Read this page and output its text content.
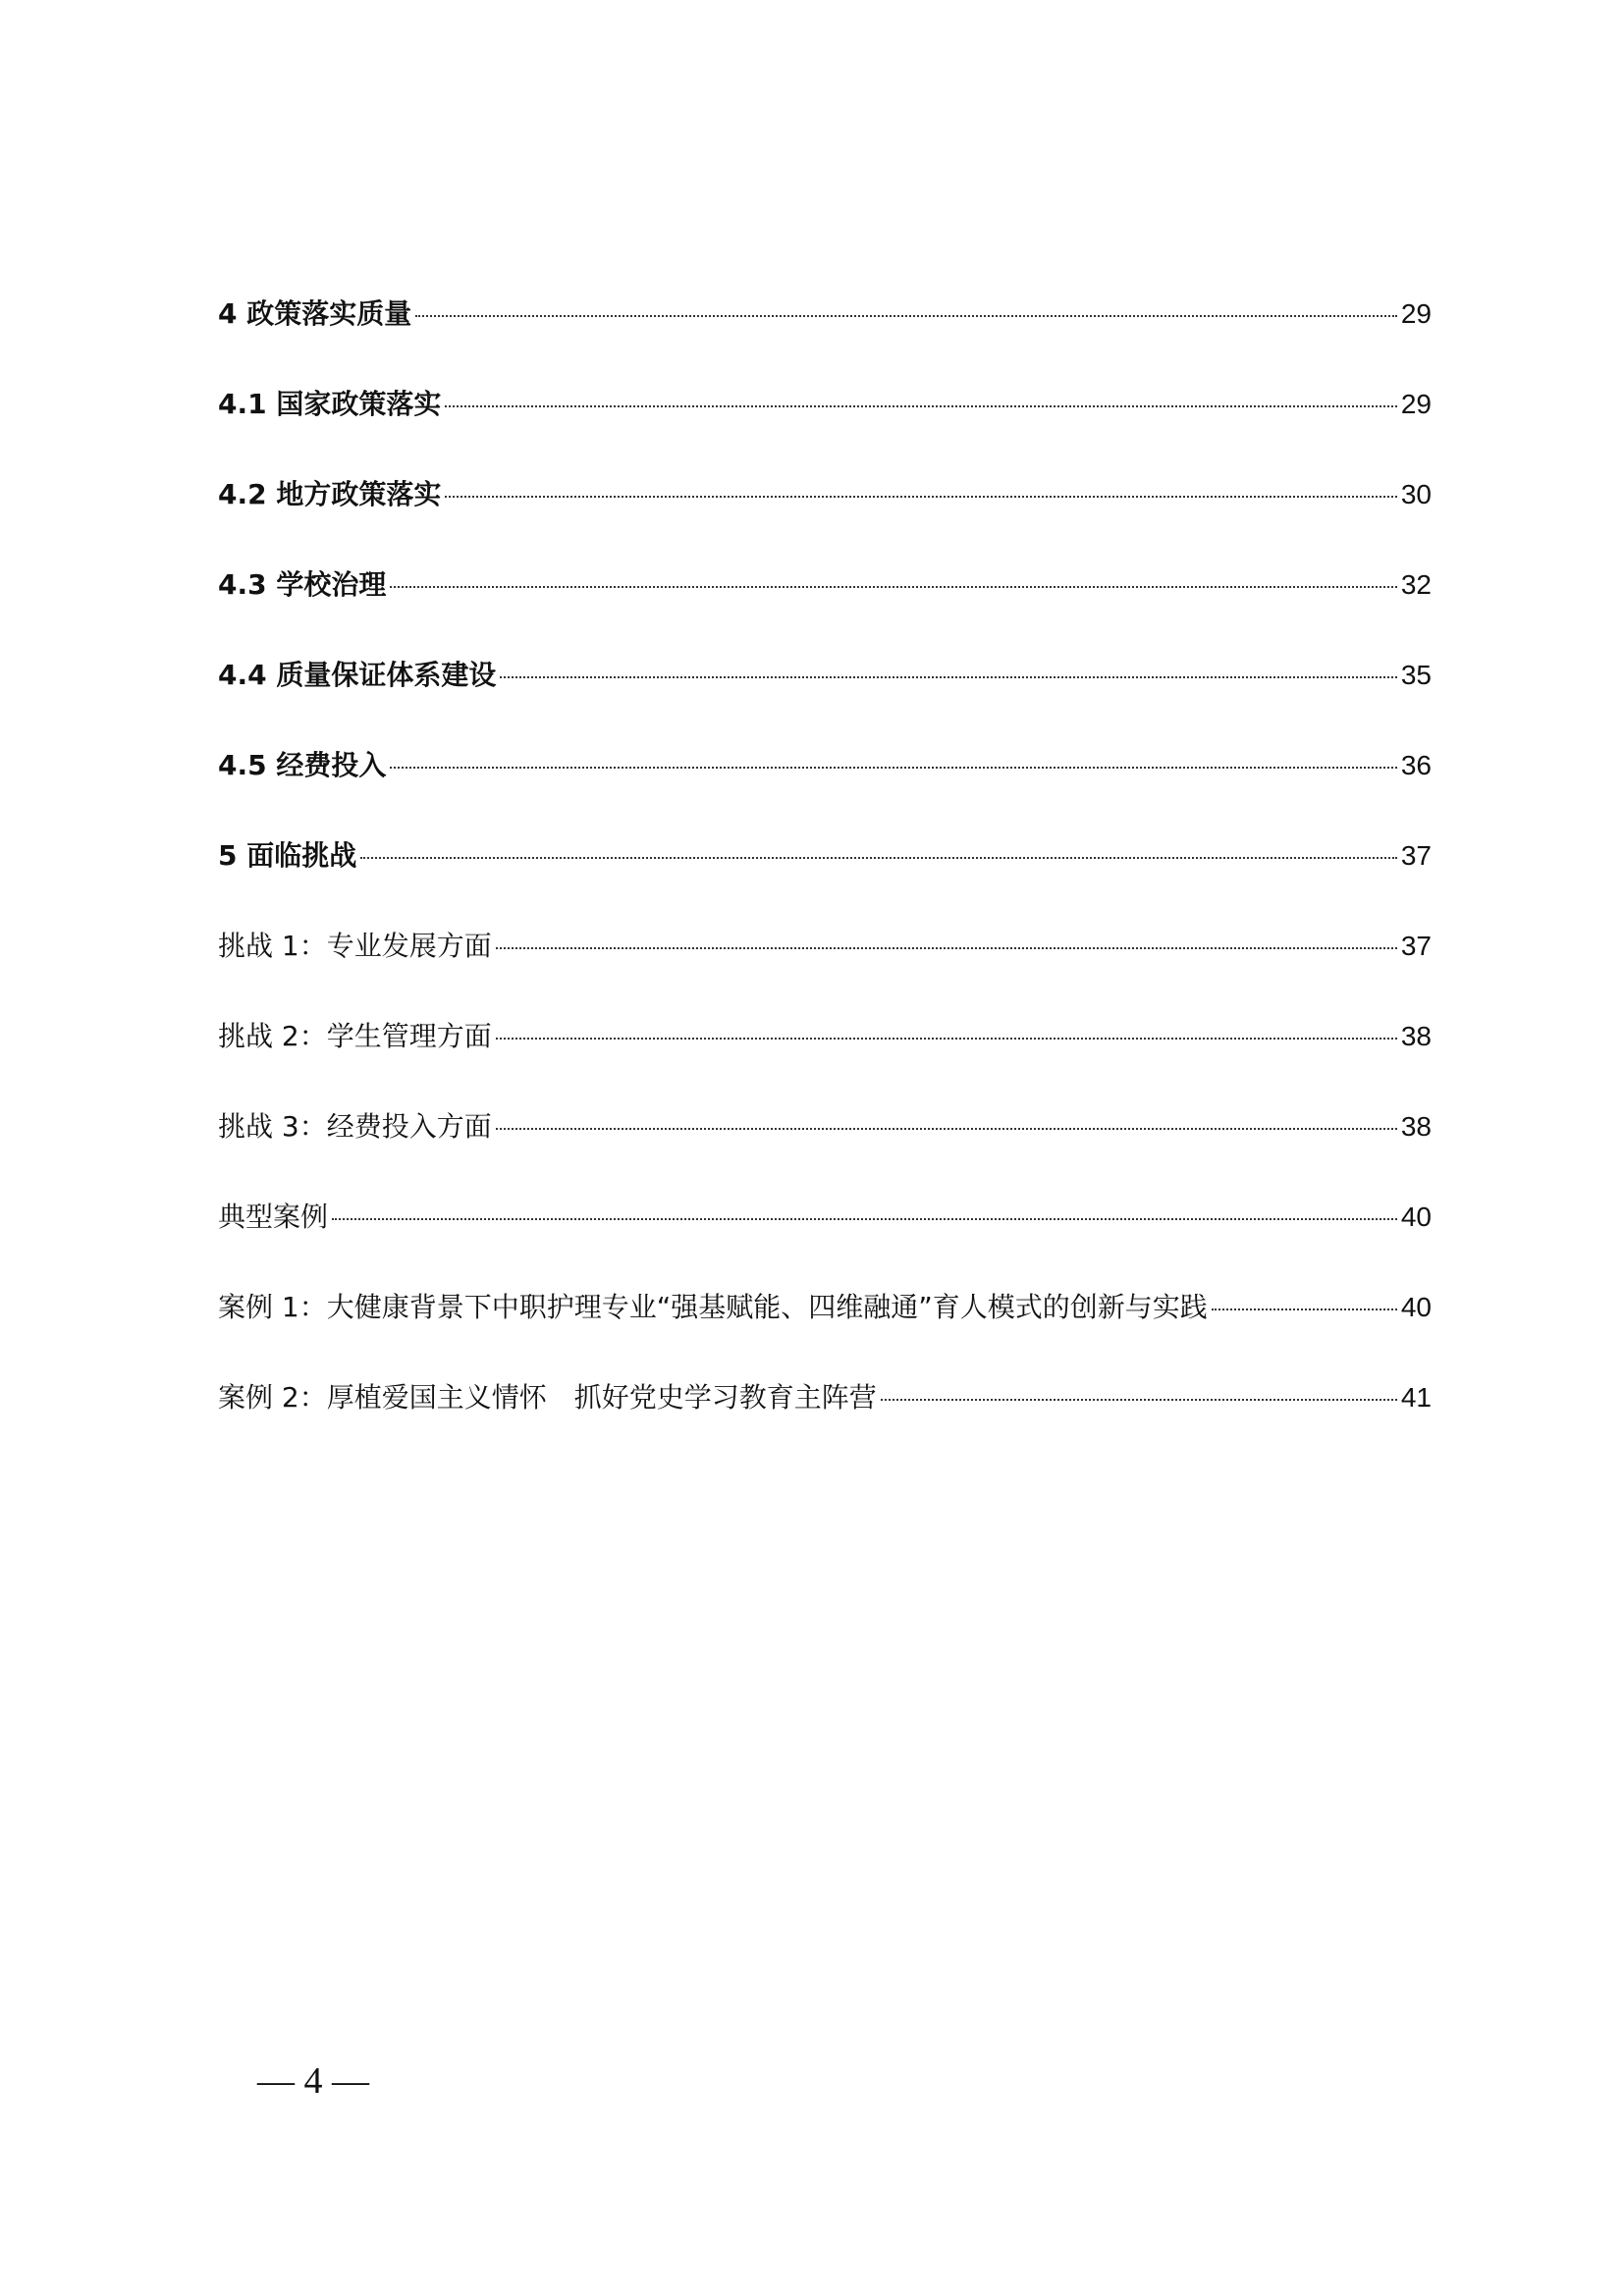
4 政策落实质量	29
4.1 国家政策落实	29
4.2 地方政策落实	30
4.3 学校治理	32
4.4 质量保证体系建设	35
4.5 经费投入	36
5 面临挑战	37
挑战 1：专业发展方面	37
挑战 2：学生管理方面	38
挑战 3：经费投入方面	38
典型案例	40
案例 1：大健康背景下中职护理专业“强基赋能、四维融通”育人模式的创新与实践	40
案例 2：厚植爱国主义情怀　抓好党史学习教育主阵营	41
— 4 —
